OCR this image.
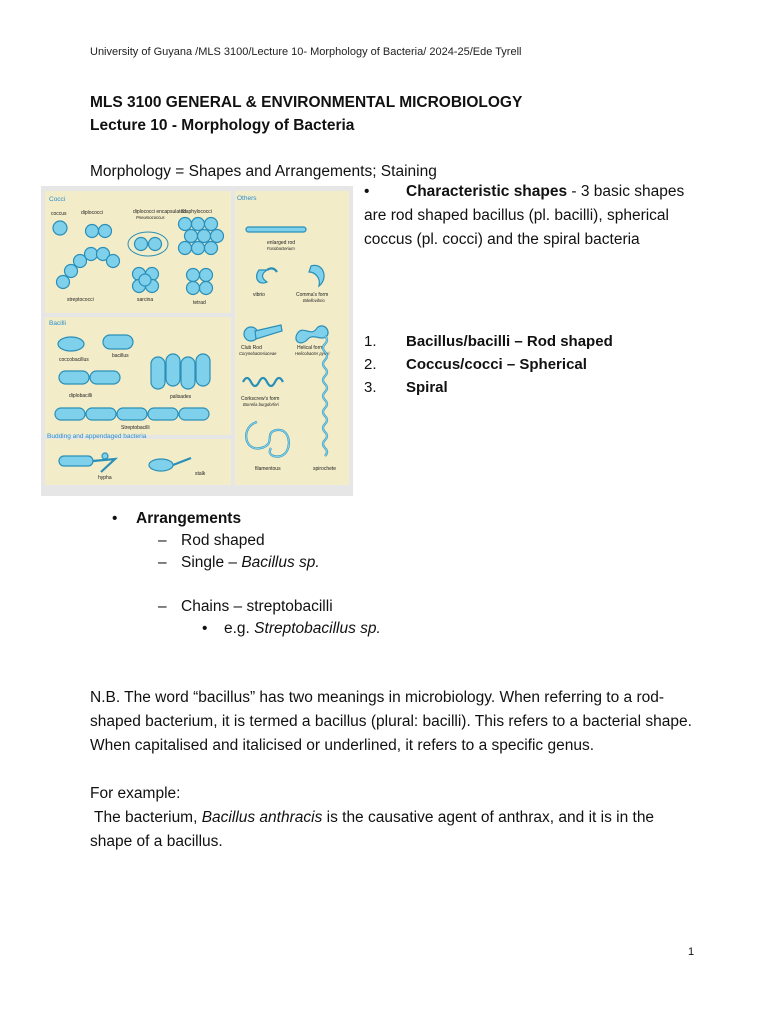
University of Guyana /MLS 3100/Lecture 10- Morphology of Bacteria/ 2024-25/Ede Tyrell
MLS 3100 GENERAL & ENVIRONMENTAL MICROBIOLOGY
Lecture 10 - Morphology of Bacteria
Morphology = Shapes and Arrangements; Staining
Cocci	Others
Bacilli
Budding and appendaged bacteria
coccus	diplococci	diplococci encapsulated
Pneumococcus
Staphylococci
streptococci	sarcina	tetrad
enlarged rod
Fusobacterium
vibrio	Comma's form
Bdellovibrio
Club Rod
Corynebacteriaceae
Helical form
Helicobacter pylori
Corkscrew's form
Borrelia burgdorferi
filamentous	spirochete
coccobacillus
bacillus
palisades
diplobacilli
Streptobacilli
hypha
stalk
• Characteristic shapes - 3 basic shapes are rod shaped bacillus (pl. bacilli), spherical coccus (pl. cocci) and the spiral bacteria
1. Bacillus/bacilli – Rod shaped
2. Coccus/cocci – Spherical
3. Spiral
• Arrangements
– Rod shaped
– Single – Bacillus sp.
– Chains – streptobacilli
• e.g. Streptobacillus sp.
N.B. The word “bacillus” has two meanings in microbiology. When referring to a rod- shaped bacterium, it is termed a bacillus (plural: bacilli). This refers to a bacterial shape. When capitalised and italicised or underlined, it refers to a specific genus.
For example:
The bacterium, Bacillus anthracis is the causative agent of anthrax, and it is in the shape of a bacillus.
1
